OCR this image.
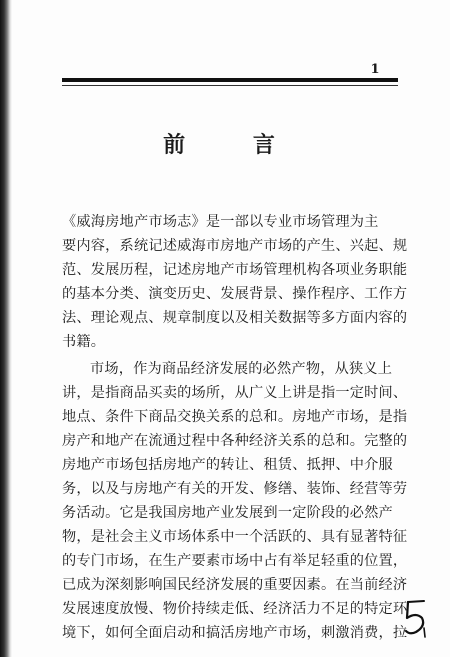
1
前 言
《威海房地产市场志》是一部以专业市场管理为主
要内容，系统记述威海市房地产市场的产生、兴起、规
范、发展历程，记述房地产市场管理机构各项业务职能
的基本分类、演变历史、发展背景、操作程序、工作方
法、理论观点、规章制度以及相关数据等多方面内容的
书籍。
市场，作为商品经济发展的必然产物，从狭义上
讲，是指商品买卖的场所，从广义上讲是指一定时间、
地点、条件下商品交换关系的总和。房地产市场，是指
房产和地产在流通过程中各种经济关系的总和。完整的
房地产市场包括房地产的转让、租赁、抵押、中介服
务，以及与房地产有关的开发、修缮、装饰、经营等劳
务活动。它是我国房地产业发展到一定阶段的必然产
物，是社会主义市场体系中一个活跃的、具有显著特征
的专门市场，在生产要素市场中占有举足轻重的位置，
已成为深刻影响国民经济发展的重要因素。在当前经济
发展速度放慢、物价持续走低、经济活力不足的特定环
境下，如何全面启动和搞活房地产市场，刺激消费，拉
